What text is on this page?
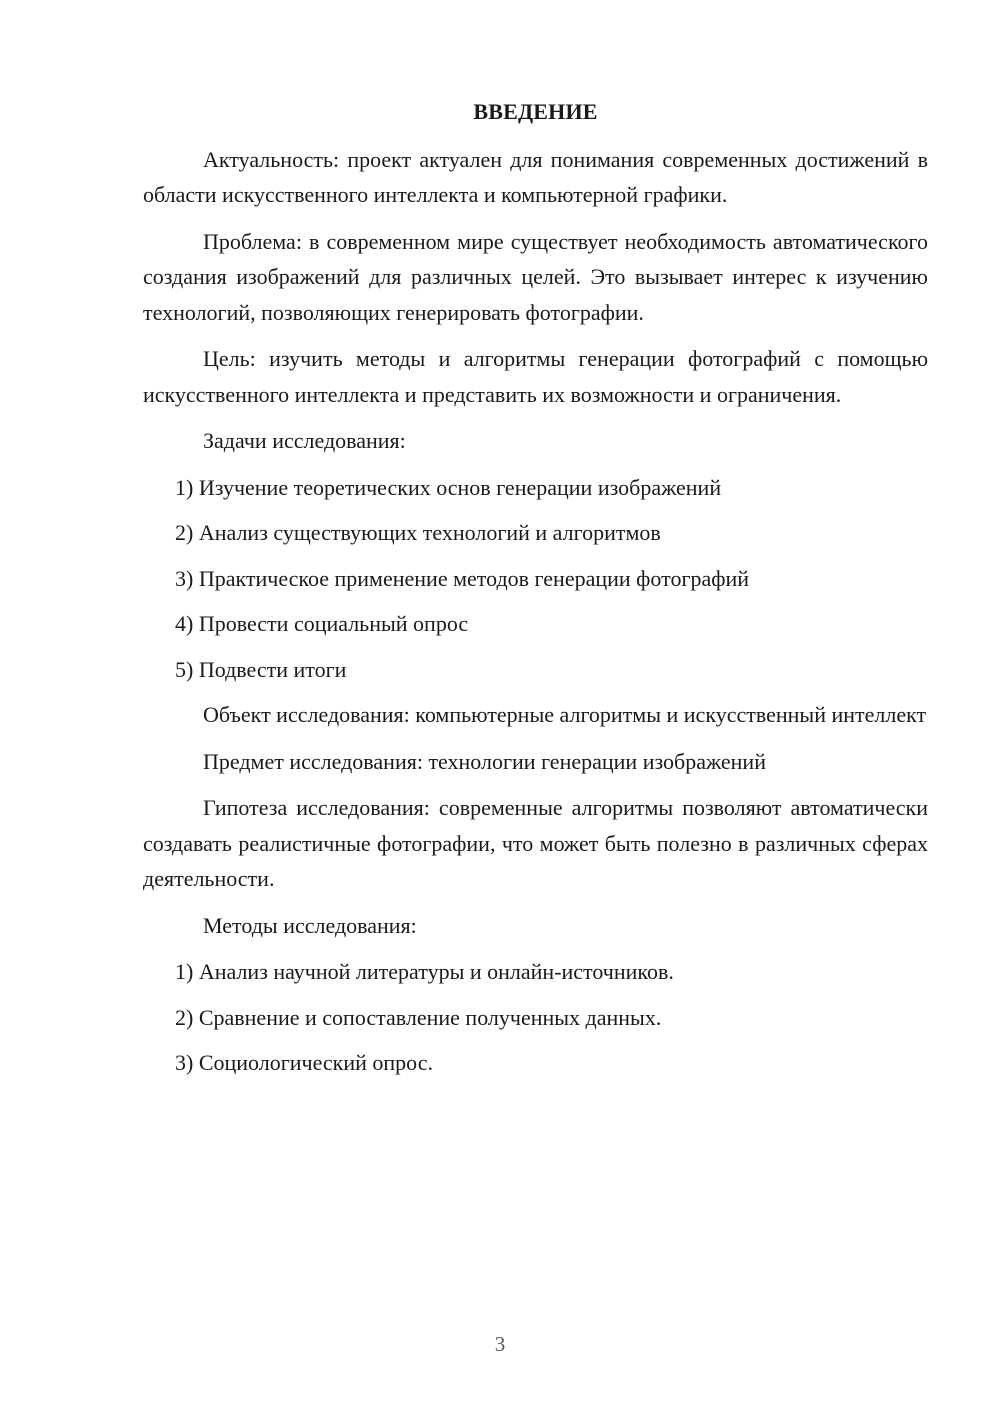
ВВЕДЕНИЕ

Актуальность: проект актуален для понимания современных достижений в области искусственного интеллекта и компьютерной графики.

Проблема: в современном мире существует необходимость автоматического создания изображений для различных целей. Это вызывает интерес к изучению технологий, позволяющих генерировать фотографии.

Цель: изучить методы и алгоритмы генерации фотографий с помощью искусственного интеллекта и представить их возможности и ограничения.

Задачи исследования:

1) Изучение теоретических основ генерации изображений

2) Анализ существующих технологий и алгоритмов

3) Практическое применение методов генерации фотографий

4) Провести социальный опрос

5) Подвести итоги

Объект исследования: компьютерные алгоритмы и искусственный интеллект

Предмет исследования: технологии генерации изображений

Гипотеза исследования: современные алгоритмы позволяют автоматически создавать реалистичные фотографии, что может быть полезно в различных сферах деятельности.

Методы исследования:

1) Анализ научной литературы и онлайн-источников.

2) Сравнение и сопоставление полученных данных.

3) Социологический опрос.

3
